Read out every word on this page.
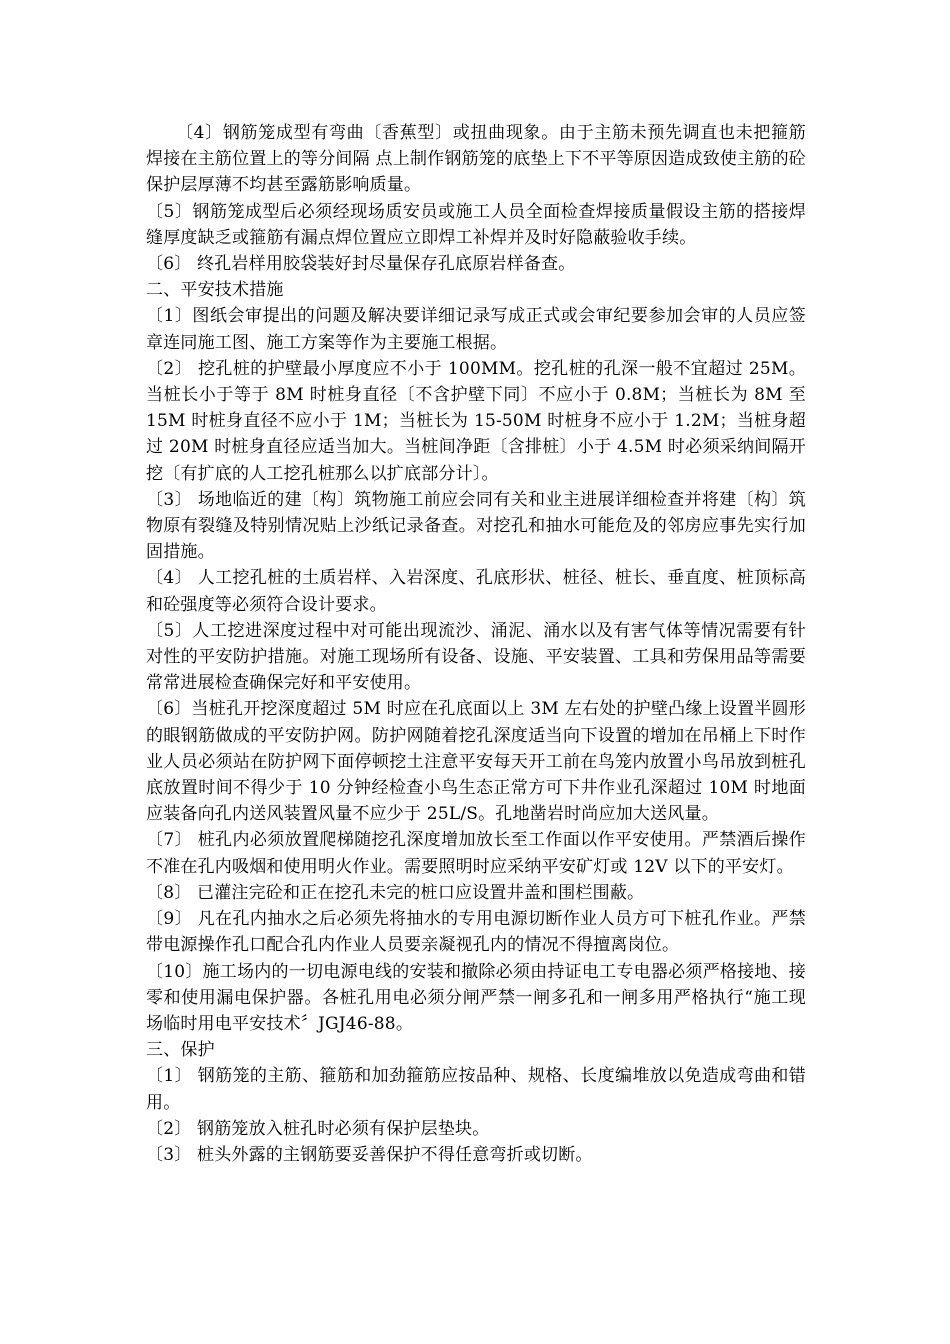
〔4〕钢筋笼成型有弯曲〔香蕉型〕或扭曲现象。由于主筋未预先调直也未把箍筋焊接在主筋位置上的等分间隔 点上制作钢筋笼的底垫上下不平等原因造成致使主筋的砼保护层厚薄不均甚至露筋影响质量。

〔5〕钢筋笼成型后必须经现场质安员或施工人员全面检查焊接质量假设主筋的搭接焊缝厚度缺乏或箍筋有漏点焊位置应立即焊工补焊并及时好隐蔽验收手续。

〔6〕 终孔岩样用胶袋装好封尽量保存孔底原岩样备查。

二、平安技术措施

〔1〕图纸会审提出的问题及解决要详细记录写成正式或会审纪要参加会审的人员应签章连同施工图、施工方案等作为主要施工根据。

〔2〕 挖孔桩的护壁最小厚度应不小于 100MM。挖孔桩的孔深一般不宜超过 25M。当桩长小于等于 8M 时桩身直径〔不含护壁下同〕不应小于 0.8M；当桩长为 8M 至 15M 时桩身直径不应小于 1M；当桩长为 15-50M 时桩身不应小于 1.2M；当桩身超过 20M 时桩身直径应适当加大。当桩间净距〔含排桩〕小于 4.5M 时必须采纳间隔开挖〔有扩底的人工挖孔桩那么以扩底部分计〕。

〔3〕 场地临近的建〔构〕筑物施工前应会同有关和业主进展详细检查并将建〔构〕筑物原有裂缝及特别情况贴上沙纸记录备查。对挖孔和抽水可能危及的邻房应事先实行加固措施。

〔4〕 人工挖孔桩的土质岩样、入岩深度、孔底形状、桩径、桩长、垂直度、桩顶标高和砼强度等必须符合设计要求。

〔5〕人工挖进深度过程中对可能出现流沙、涌泥、涌水以及有害气体等情况需要有针对性的平安防护措施。对施工现场所有设备、设施、平安装置、工具和劳保用品等需要常常进展检查确保完好和平安使用。

〔6〕当桩孔开挖深度超过 5M 时应在孔底面以上 3M 左右处的护壁凸缘上设置半圆形的眼钢筋做成的平安防护网。防护网随着挖孔深度适当向下设置的增加在吊桶上下时作业人员必须站在防护网下面停顿挖土注意平安每天开工前在鸟笼内放置小鸟吊放到桩孔底放置时间不得少于 10 分钟经检查小鸟生态正常方可下井作业孔深超过 10M 时地面应装备向孔内送风装置风量不应少于 25L/S。孔地凿岩时尚应加大送风量。

〔7〕 桩孔内必须放置爬梯随挖孔深度增加放长至工作面以作平安使用。严禁酒后操作不准在孔内吸烟和使用明火作业。需要照明时应采纳平安矿灯或 12V 以下的平安灯。

〔8〕 已灌注完砼和正在挖孔未完的桩口应设置井盖和围栏围蔽。

〔9〕 凡在孔内抽水之后必须先将抽水的专用电源切断作业人员方可下桩孔作业。严禁带电源操作孔口配合孔内作业人员要亲凝视孔内的情况不得擅离岗位。

〔10〕施工场内的一切电源电线的安装和撤除必须由持证电工专电器必须严格接地、接零和使用漏电保护器。各桩孔用电必须分闸严禁一闸多孔和一闸多用严格执行“施工现场临时用电平安技术〞JGJ46-88。

三、保护

〔1〕 钢筋笼的主筋、箍筋和加劲箍筋应按品种、规格、长度编堆放以免造成弯曲和错用。

〔2〕 钢筋笼放入桩孔时必须有保护层垫块。

〔3〕 桩头外露的主钢筋要妥善保护不得任意弯折或切断。
